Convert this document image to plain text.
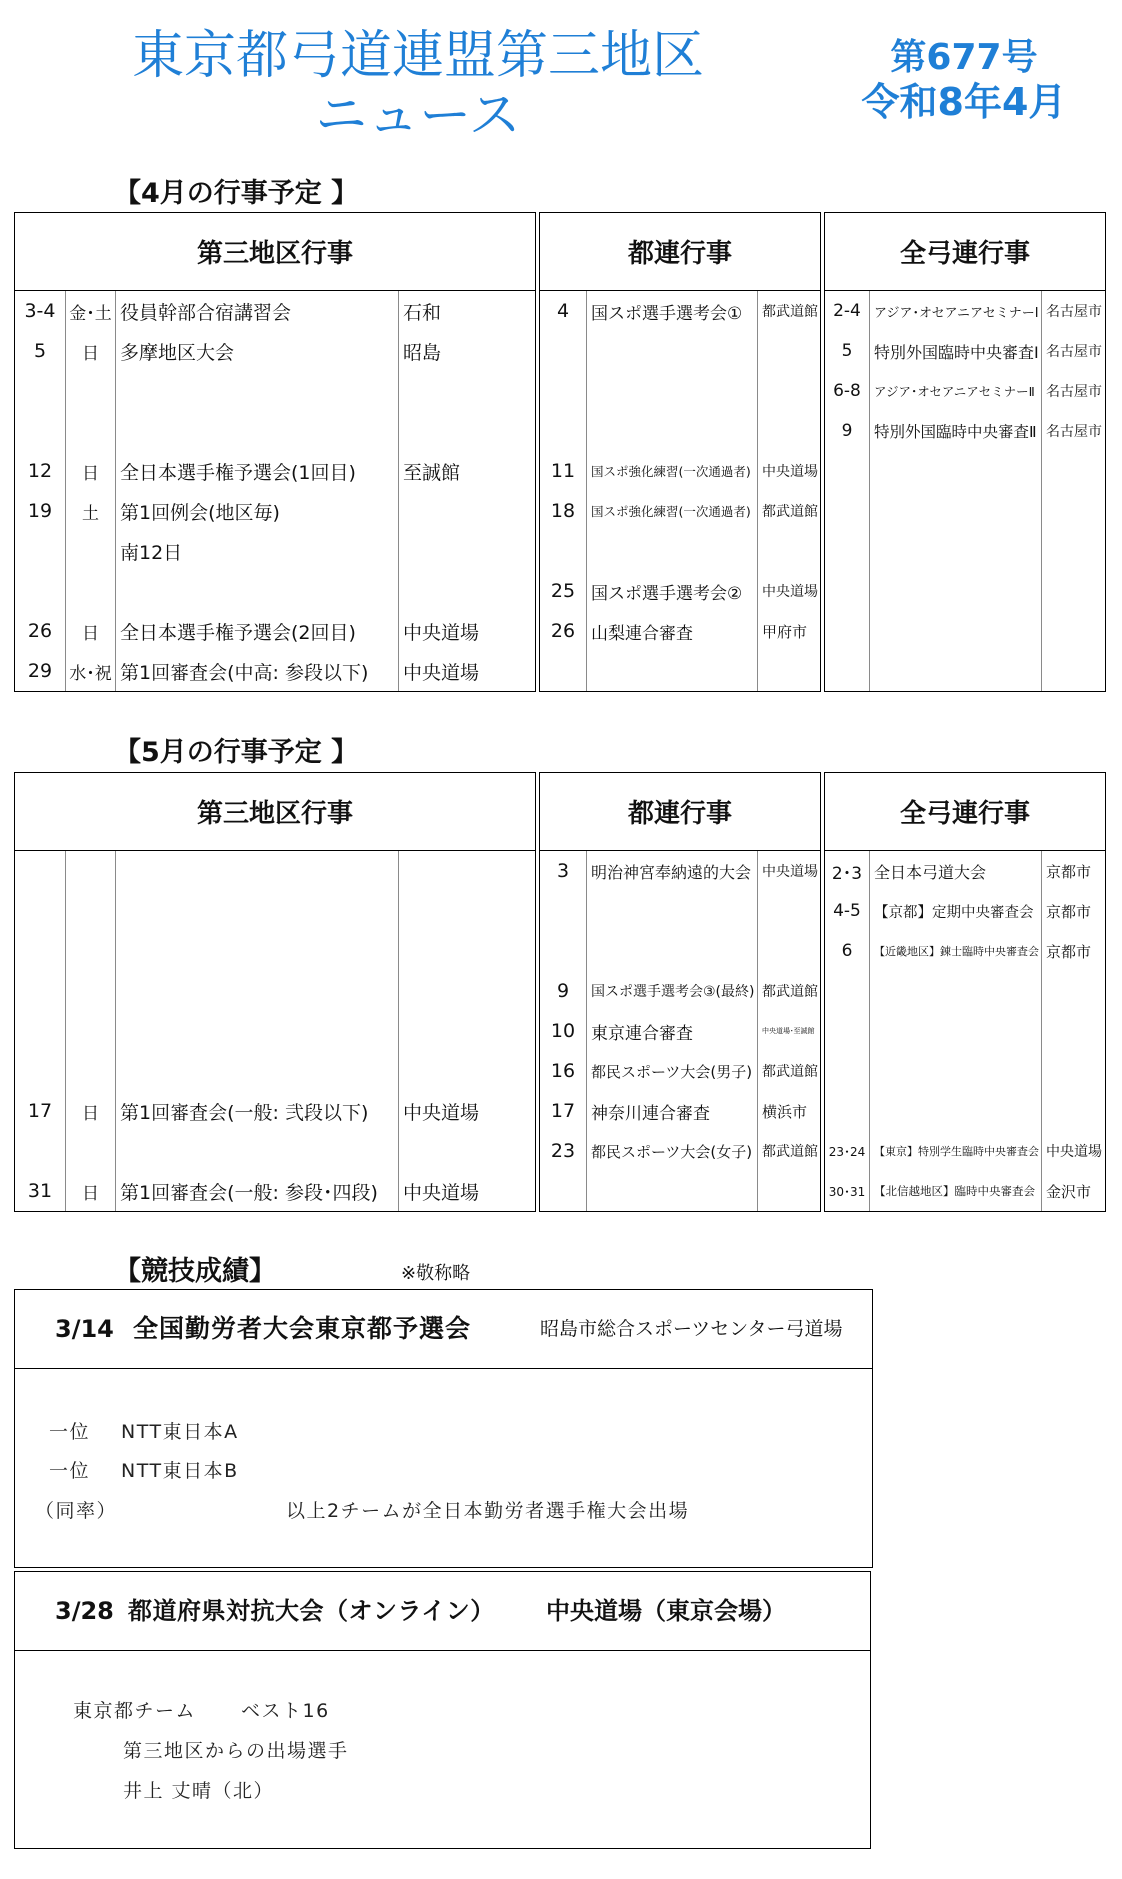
東京都弓道連盟第三地区
ニュース
第677号
令和8年4月
【4月の行事予定 】
第三地区行事
3-4 金･土 役員幹部合宿講習会	石和
5 日 多摩地区大会	昭島
12 日 全日本選手権予選会(1回目) 至誠館
19 土 第1回例会(地区毎)
南12日
26 日 全日本選手権予選会(2回目) 中央道場
29 水･祝 第1回審査会(中高: 参段以下) 中央道場
都連行事
4 国スポ選手選考会① 都武道館
11 国スポ強化練習(一次通過者) 中央道場
18 国スポ強化練習(一次通過者) 都武道館
25 国スポ選手選考会② 中央道場
26 山梨連合審査	甲府市
全弓連行事
2-4 アジア･オセアニアセミナーⅠ 名古屋市
5 特別外国臨時中央審査Ⅰ 名古屋市
6-8 アジア･オセアニアセミナーⅡ 名古屋市
9 特別外国臨時中央審査Ⅱ 名古屋市
【5月の行事予定 】
第三地区行事
17 日 第1回審査会(一般: 弐段以下) 中央道場
31 日 第1回審査会(一般: 参段･四段) 中央道場
都連行事
3 明治神宮奉納遠的大会 中央道場
9 国スポ選手選考会③(最終) 都武道館
10 東京連合審査	中央道場･至誠館
16 都民スポーツ大会(男子) 都武道館
17 神奈川連合審査	横浜市
23 都民スポーツ大会(女子) 都武道館
全弓連行事
2･3 全日本弓道大会	京都市
4-5 【京都】定期中央審査会 京都市
6 【近畿地区】錬士臨時中央審査会 京都市
23･24 【東京】特別学生臨時中央審査会 中央道場
30･31 【北信越地区】臨時中央審査会 金沢市
【競技成績】	※敬称略
3/14 全国勤労者大会東京都予選会	昭島市総合スポーツセンター弓道場
一位 NTT東日本A
一位 NTT東日本B
（同率）	以上2チームが全日本勤労者選手権大会出場
3/28 都道府県対抗大会（オンライン） 中央道場（東京会場）
東京都チーム ベスト16
第三地区からの出場選手
井上 丈晴（北）
